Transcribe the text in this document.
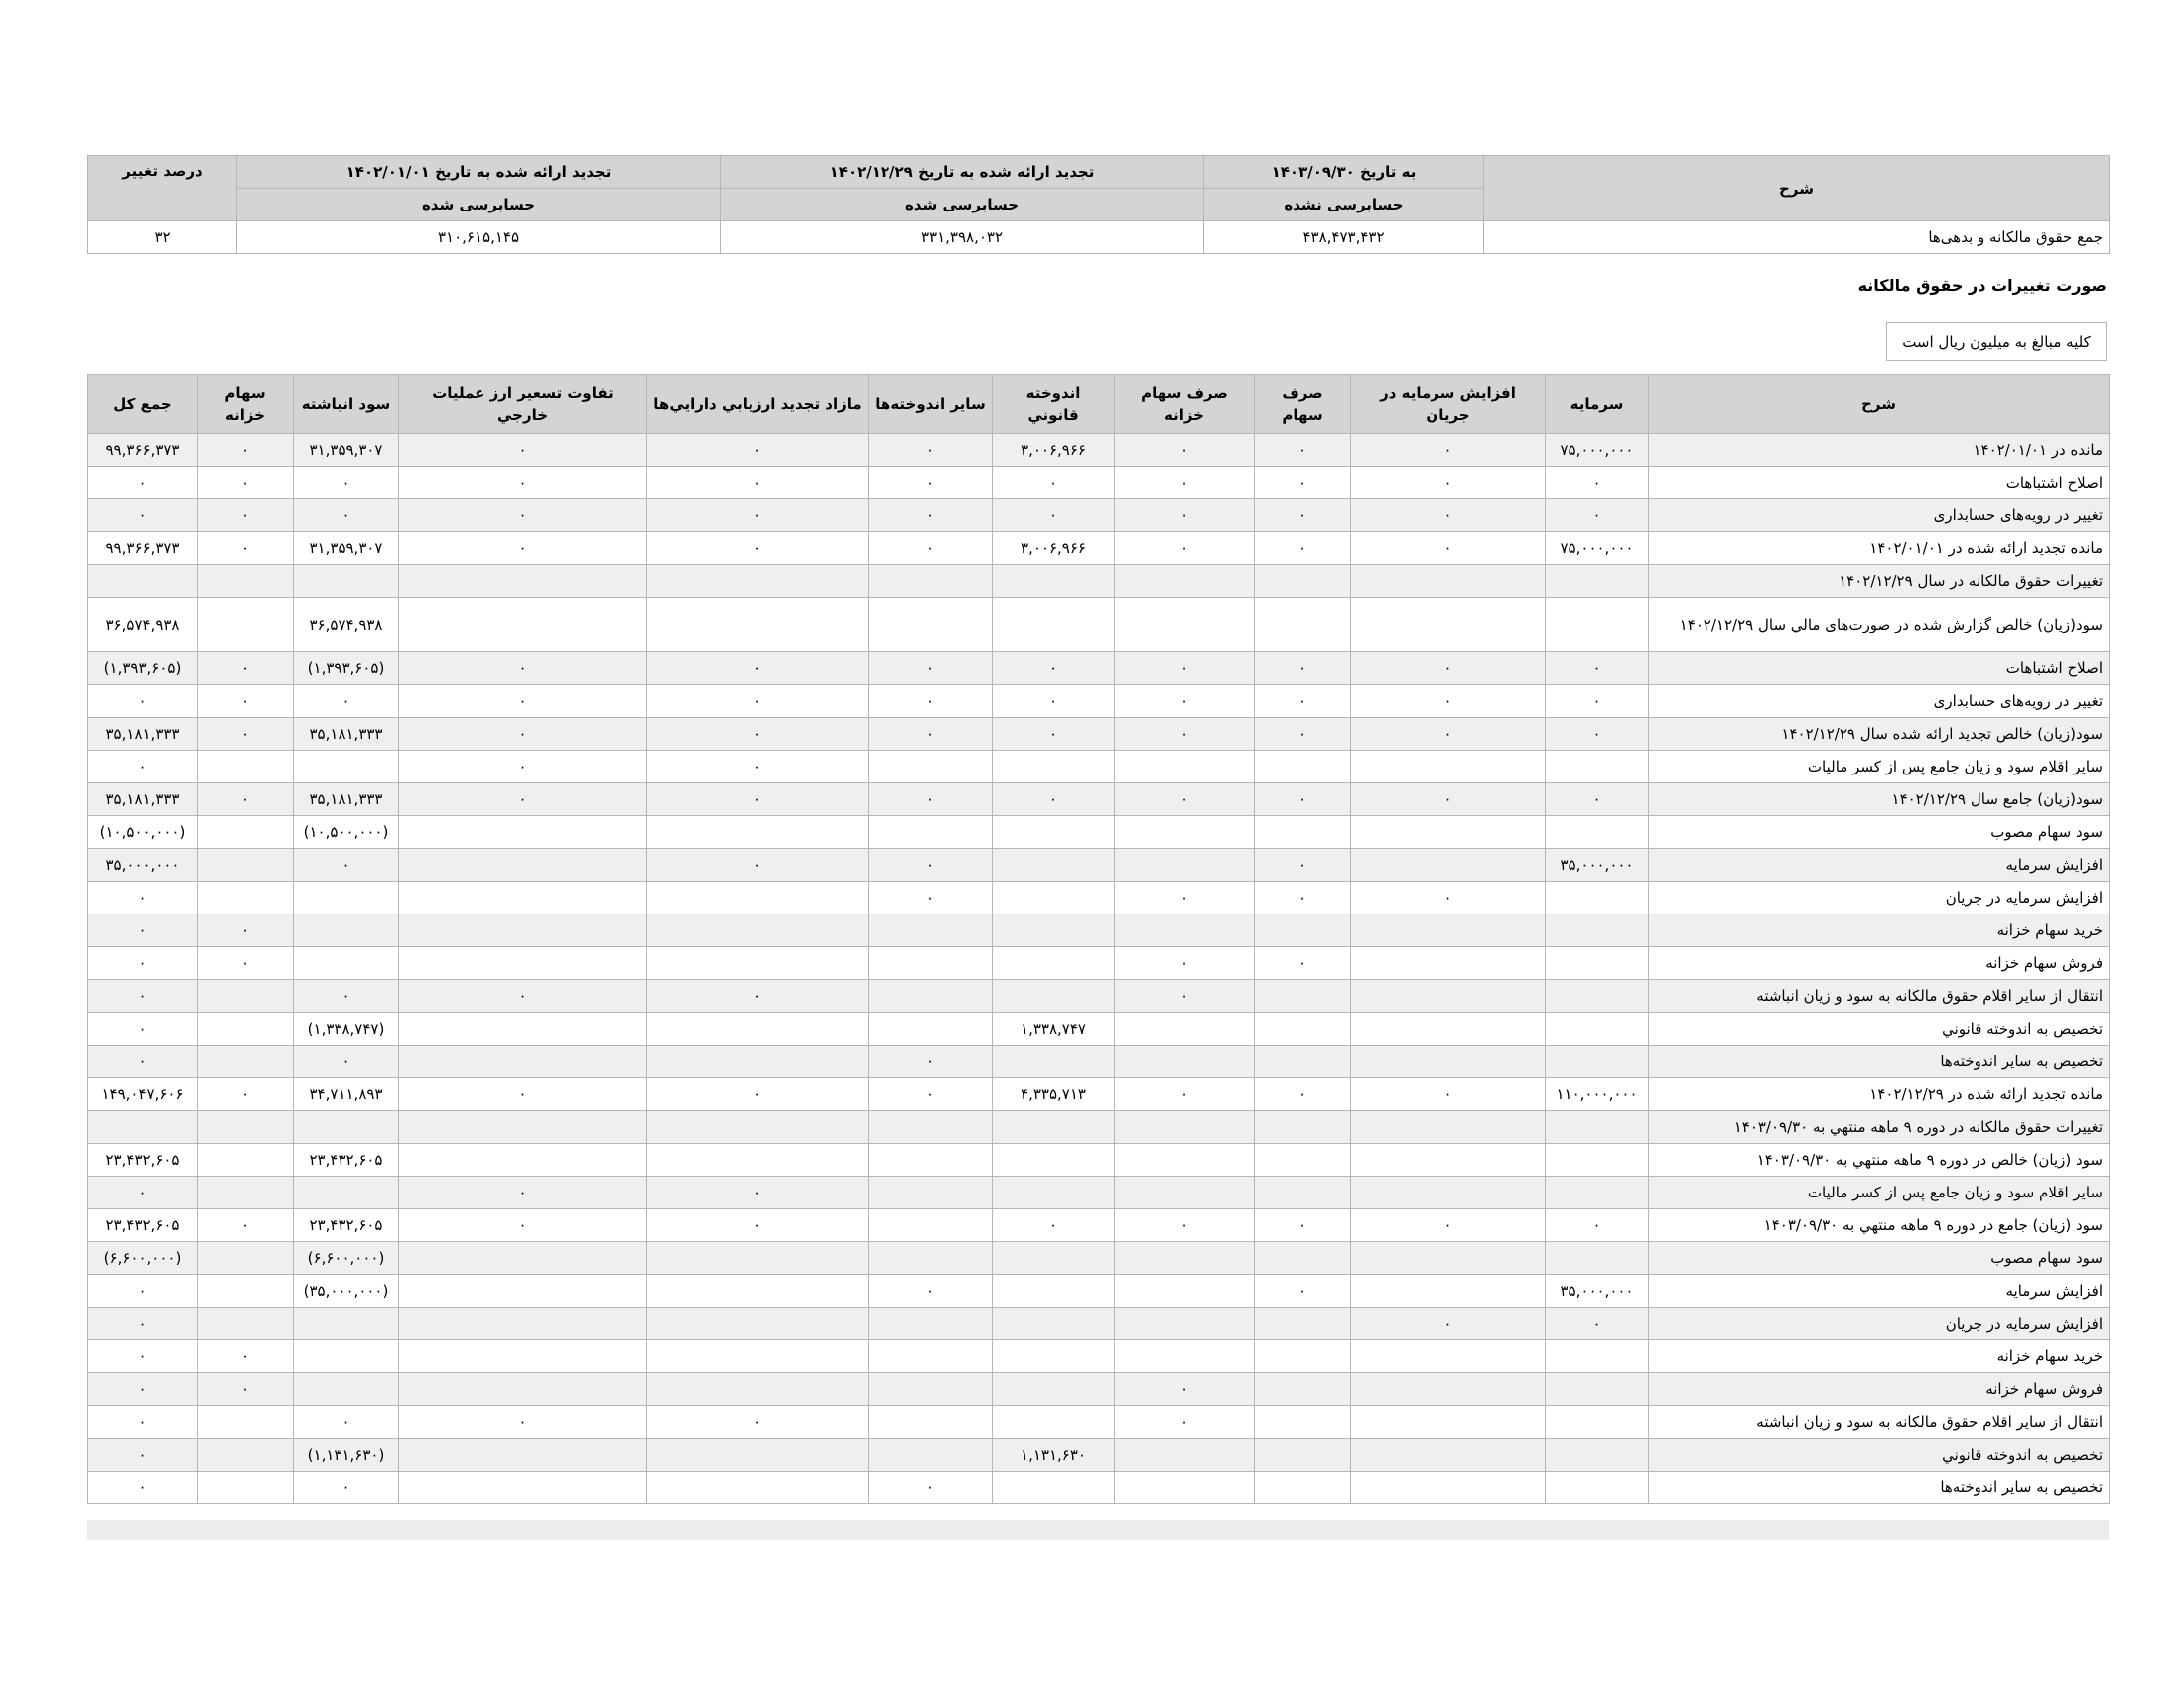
شرح	به تاریخ ۱۴۰۳/۰۹/۳۰	تجدید ارائه شده به تاریخ ۱۴۰۲/۱۲/۲۹	تجدید ارائه شده به تاریخ ۱۴۰۲/۰۱/۰۱	درصد تغییر
	حسابرسی نشده	حسابرسی شده	حسابرسی شده	
جمع حقوق مالکانه و بدهی‌ها	۴۳۸,۴۷۳,۴۳۲	۳۳۱,۳۹۸,۰۳۲	۳۱۰,۶۱۵,۱۴۵	۳۲
صورت تغییرات در حقوق مالکانه
کلیه مبالغ به میلیون ریال است
شرح	سرمایه	افزایش سرمایه در جریان	صرف سهام	صرف سهام خزانه	اندوخته قانوني	سایر اندوخته‌ها	مازاد تجدید ارزيابي دارايي‌ها	تفاوت تسعیر ارز عملیات خارجي	سود انباشته	سهام خزانه	جمع کل
مانده در ۱۴۰۲/۰۱/۰۱	۷۵,۰۰۰,۰۰۰	۰	۰	۰	۳,۰۰۶,۹۶۶	۰	۰	۰	۳۱,۳۵۹,۳۰۷	۰	۹۹,۳۶۶,۳۷۳
اصلاح اشتباهات	۰	۰	۰	۰	۰	۰	۰	۰	۰	۰	۰
تغییر در رویه‌های حسابداری	۰	۰	۰	۰	۰	۰	۰	۰	۰	۰	۰
مانده تجدید ارائه شده در ۱۴۰۲/۰۱/۰۱	۷۵,۰۰۰,۰۰۰	۰	۰	۰	۳,۰۰۶,۹۶۶	۰	۰	۰	۳۱,۳۵۹,۳۰۷	۰	۹۹,۳۶۶,۳۷۳
تغییرات حقوق مالکانه در سال ۱۴۰۲/۱۲/۲۹											
سود(زیان) خالص گزارش شده در صورت‌های مالي سال ۱۴۰۲/۱۲/۲۹									۳۶,۵۷۴,۹۳۸		۳۶,۵۷۴,۹۳۸
اصلاح اشتباهات	۰	۰	۰	۰	۰	۰	۰	۰	(۱,۳۹۳,۶۰۵)	۰	(۱,۳۹۳,۶۰۵)
تغییر در رویه‌های حسابداری	۰	۰	۰	۰	۰	۰	۰	۰	۰	۰	۰
سود(زیان) خالص تجدید ارائه شده سال ۱۴۰۲/۱۲/۲۹	۰	۰	۰	۰	۰	۰	۰	۰	۳۵,۱۸۱,۳۳۳	۰	۳۵,۱۸۱,۳۳۳
سایر اقلام سود و زیان جامع پس از کسر مالیات							۰	۰			۰
سود(زیان) جامع سال ۱۴۰۲/۱۲/۲۹	۰	۰	۰	۰	۰	۰	۰	۰	۳۵,۱۸۱,۳۳۳	۰	۳۵,۱۸۱,۳۳۳
سود سهام مصوب									(۱۰,۵۰۰,۰۰۰)		(۱۰,۵۰۰,۰۰۰)
افزایش سرمایه	۳۵,۰۰۰,۰۰۰		۰			۰	۰		۰		۳۵,۰۰۰,۰۰۰
افزایش سرمایه در جریان		۰	۰	۰		۰					۰
خرید سهام خزانه										۰	۰
فروش سهام خزانه			۰	۰						۰	۰
انتقال از سایر اقلام حقوق مالکانه به سود و زیان انباشته				۰			۰	۰	۰		۰
تخصیص به اندوخته قانوني					۱,۳۳۸,۷۴۷				(۱,۳۳۸,۷۴۷)		۰
تخصیص به سایر اندوخته‌ها						۰			۰		۰
مانده تجدید ارائه شده در ۱۴۰۲/۱۲/۲۹	۱۱۰,۰۰۰,۰۰۰	۰	۰	۰	۴,۳۳۵,۷۱۳	۰	۰	۰	۳۴,۷۱۱,۸۹۳	۰	۱۴۹,۰۴۷,۶۰۶
تغییرات حقوق مالکانه در دوره ۹ ماهه منتهي به ۱۴۰۳/۰۹/۳۰											
سود (زیان) خالص در دوره ۹ ماهه منتهي به ۱۴۰۳/۰۹/۳۰									۲۳,۴۳۲,۶۰۵		۲۳,۴۳۲,۶۰۵
سایر اقلام سود و زیان جامع پس از کسر مالیات							۰	۰			۰
سود (زیان) جامع در دوره ۹ ماهه منتهي به ۱۴۰۳/۰۹/۳۰	۰	۰	۰	۰	۰		۰	۰	۲۳,۴۳۲,۶۰۵	۰	۲۳,۴۳۲,۶۰۵
سود سهام مصوب									(۶,۶۰۰,۰۰۰)		(۶,۶۰۰,۰۰۰)
افزایش سرمایه	۳۵,۰۰۰,۰۰۰		۰			۰			(۳۵,۰۰۰,۰۰۰)		۰
افزایش سرمایه در جریان	۰	۰									۰
خرید سهام خزانه										۰	۰
فروش سهام خزانه				۰						۰	۰
انتقال از سایر اقلام حقوق مالکانه به سود و زیان انباشته				۰			۰	۰	۰		۰
تخصیص به اندوخته قانوني					۱,۱۳۱,۶۳۰				(۱,۱۳۱,۶۳۰)		۰
تخصیص به سایر اندوخته‌ها						۰			۰		۰
